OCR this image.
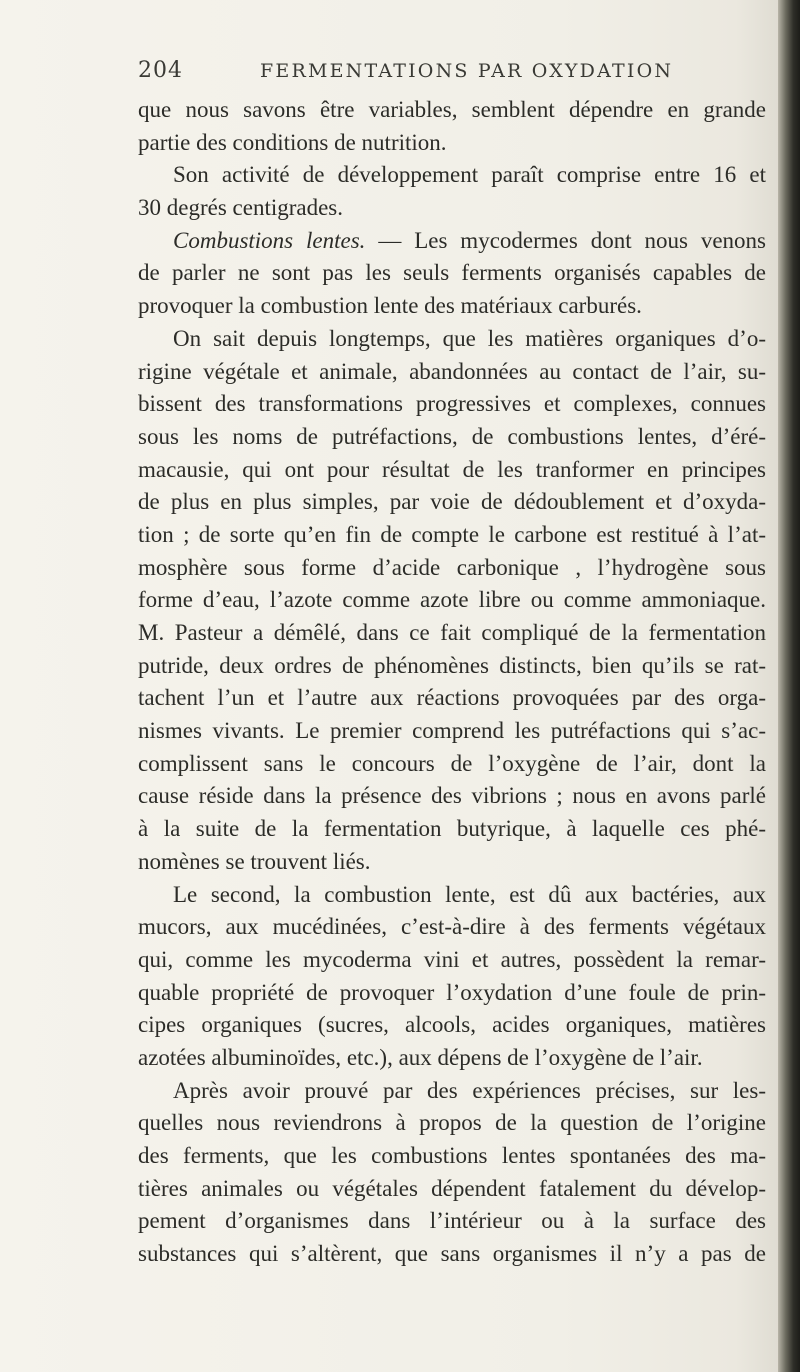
204	FERMENTATIONS PAR OXYDATION
que nous savons être variables, semblent dépendre en grande
partie des conditions de nutrition.
Son activité de développement paraît comprise entre 16 et
30 degrés centigrades.
Combustions lentes. — Les mycodermes dont nous venons
de parler ne sont pas les seuls ferments organisés capables de
provoquer la combustion lente des matériaux carburés.
On sait depuis longtemps, que les matières organiques d’o-
rigine végétale et animale, abandonnées au contact de l’air, su-
bissent des transformations progressives et complexes, connues
sous les noms de putréfactions, de combustions lentes, d’éré-
macausie, qui ont pour résultat de les tranformer en principes
de plus en plus simples, par voie de dédoublement et d’oxyda-
tion ; de sorte qu’en fin de compte le carbone est restitué à l’at-
mosphère sous forme d’acide carbonique , l’hydrogène sous
forme d’eau, l’azote comme azote libre ou comme ammoniaque.
M. Pasteur a démêlé, dans ce fait compliqué de la fermentation
putride, deux ordres de phénomènes distincts, bien qu’ils se rat-
tachent l’un et l’autre aux réactions provoquées par des orga-
nismes vivants. Le premier comprend les putréfactions qui s’ac-
complissent sans le concours de l’oxygène de l’air, dont la
cause réside dans la présence des vibrions ; nous en avons parlé
à la suite de la fermentation butyrique, à laquelle ces phé-
nomènes se trouvent liés.
Le second, la combustion lente, est dû aux bactéries, aux
mucors, aux mucédinées, c’est-à-dire à des ferments végétaux
qui, comme les mycoderma vini et autres, possèdent la remar-
quable propriété de provoquer l’oxydation d’une foule de prin-
cipes organiques (sucres, alcools, acides organiques, matières
azotées albuminoïdes, etc.), aux dépens de l’oxygène de l’air.
Après avoir prouvé par des expériences précises, sur les-
quelles nous reviendrons à propos de la question de l’origine
des ferments, que les combustions lentes spontanées des ma-
tières animales ou végétales dépendent fatalement du dévelop-
pement d’organismes dans l’intérieur ou à la surface des
substances qui s’altèrent, que sans organismes il n’y a pas de
